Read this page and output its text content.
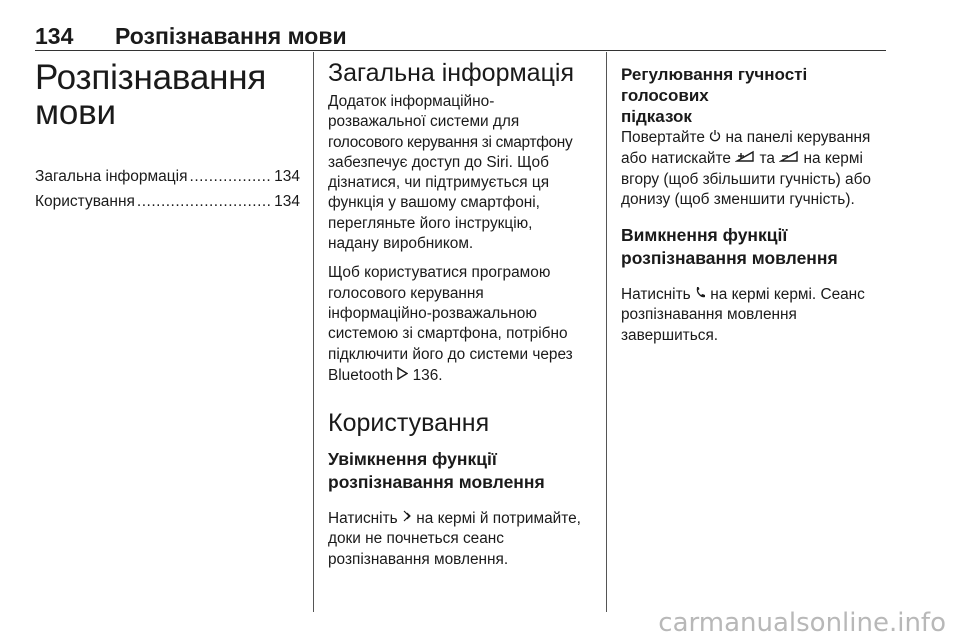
134 Розпізнавання мови
Розпізнавання
мови
Загальна інформація .....	134
Користування .....	134
Загальна інформація

Додаток інформаційно-
розважальної системи для
голосового керування зі смартфону
забезпечує доступ до Siri. Щоб
дізнатися, чи підтримується ця
функція у вашому смартфоні,
перегляньте його інструкцію,
надану виробником.

Щоб користуватися програмою
голосового керування
інформаційно-розважальною
системою зі смартфона, потрібно
підключити його до системи через
Bluetooth 136.

Користування
Увімкнення функції
розпізнавання мовлення

Натисніть на кермі й потримайте,
доки не почнеться сеанс
розпізнавання мовлення.

Регулювання гучності голосових
підказок

Повертайте на панелі керування
або натискайте та на кермі
вгору (щоб збільшити гучність) або
донизу (щоб зменшити гучність).

Вимкнення функції
розпізнавання мовлення

Натисніть на кермі кермі. Сеанс
розпізнавання мовлення
завершиться.

carmanualsonline.info
